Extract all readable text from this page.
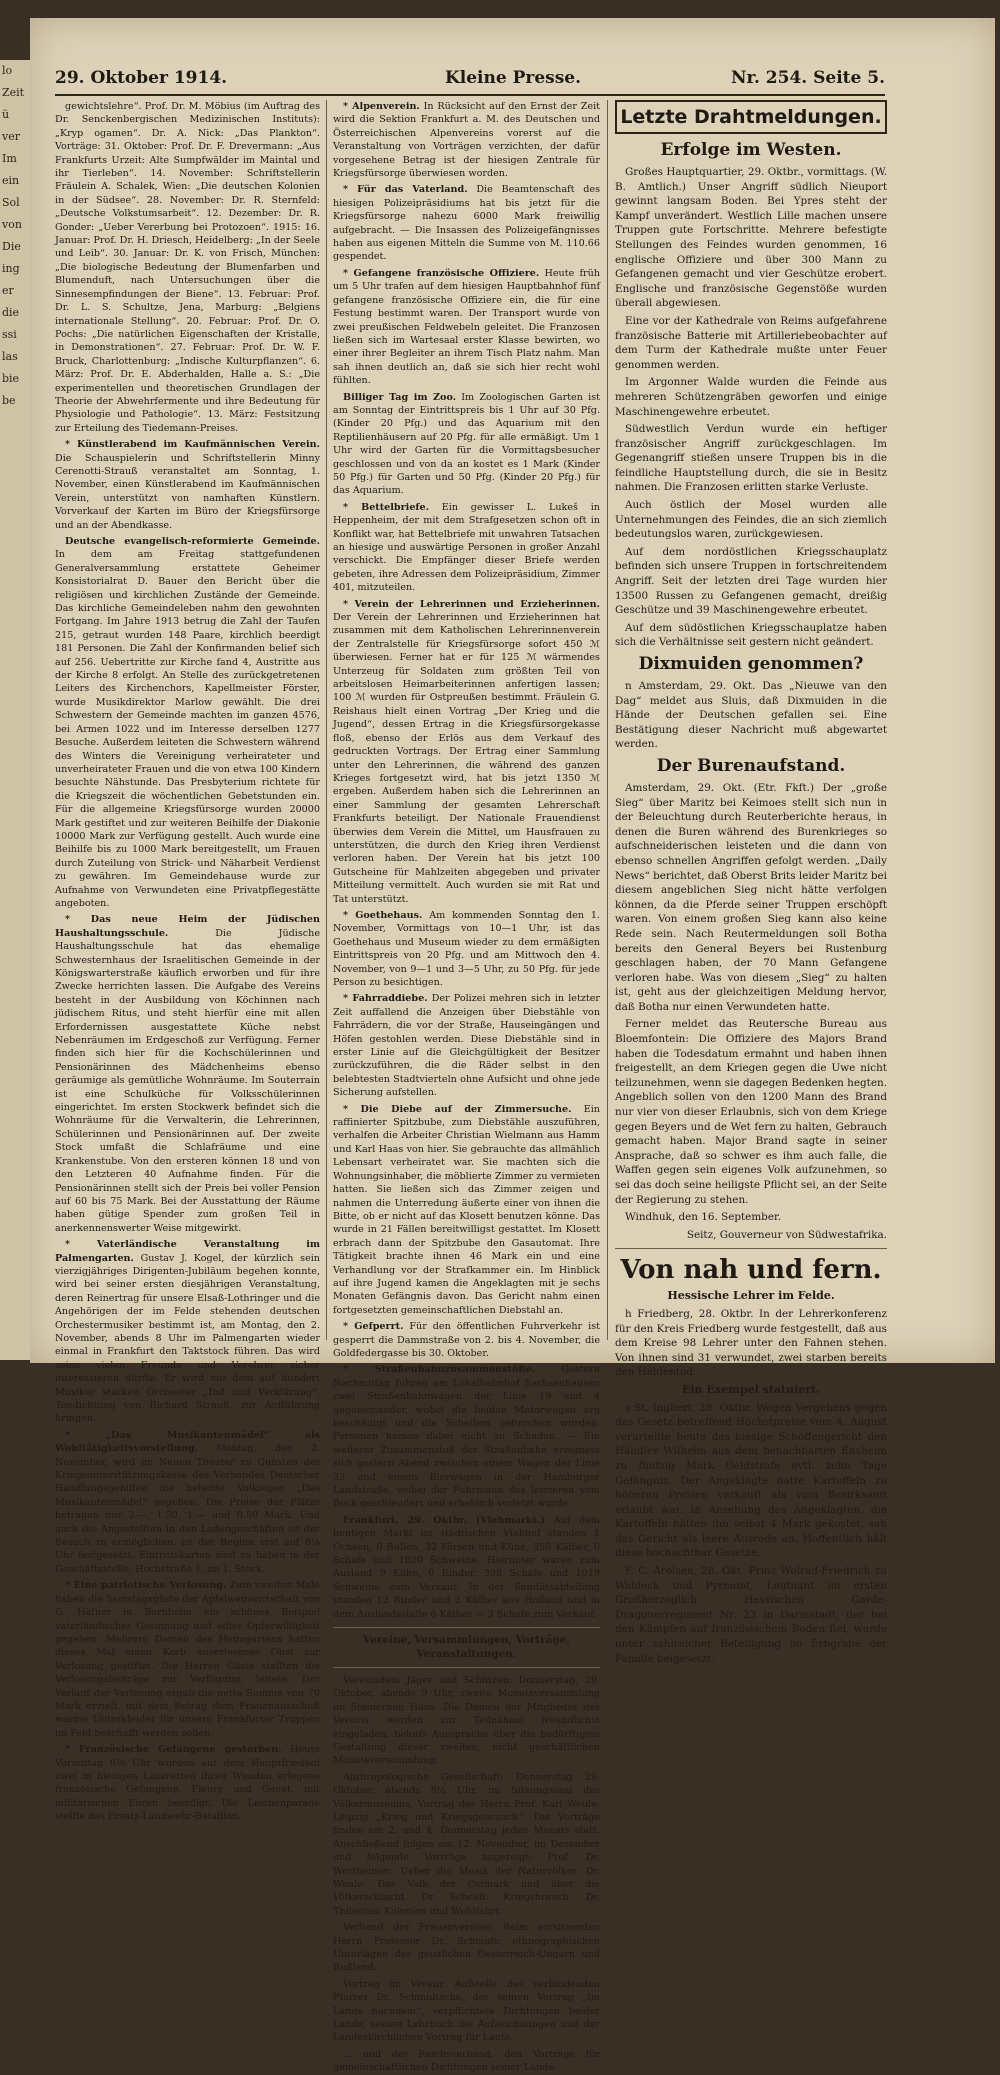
lo
Zeit
ü
ver
Im
ein
Sol
von
Die
ing
er
die
ssi
las
bie
be
29. Oktober 1914.	Kleine Presse.	Nr. 254. Seite 5.

gewichtslehre“. Prof. Dr. M. Möbius (im Auftrag des Dr. Senckenbergischen Medizinischen Instituts): „Kryp ogamen“. Dr. A. Nick: „Das Plankton“. Vorträge: 31. Oktober: Prof. Dr. F. Drevermann: „Aus Frankfurts Urzeit: Alte Sumpfwälder im Maintal und ihr Tierleben“. 14. November: Schriftstellerin Fräulein A. Schalek, Wien: „Die deutschen Kolonien in der Südsee“. 28. November: Dr. R. Sternfeld: „Deutsche Volkstumsarbeit“. 12. Dezember: Dr. R. Gonder: „Ueber Vererbung bei Protozoen“. 1915: 16. Januar: Prof. Dr. H. Driesch, Heidelberg: „In der Seele und Leib“. 30. Januar: Dr. K. von Frisch, München: „Die biologische Bedeutung der Blumenfarben und Blumenduft, nach Untersuchungen über die Sinnesempfindungen der Biene“. 13. Februar: Prof. Dr. L. S. Schultze, Jena, Marburg: „Belgiens internationale Stellung“. 20. Februar: Prof. Dr. O. Pochs: „Die natürlichen Eigenschaften der Kristalle, in Demonstrationen“. 27. Februar: Prof. Dr. W. F. Bruck, Charlottenburg: „Indische Kulturpflanzen“. 6. März: Prof. Dr. E. Abderhalden, Halle a. S.: „Die experimentellen und theoretischen Grundlagen der Theorie der Abwehrfermente und ihre Bedeutung für Physiologie und Pathologie“. 13. März: Festsitzung zur Erteilung des Tiedemann-Preises.

* Künstlerabend im Kaufmännischen Verein. Die Schauspielerin und Schriftstellerin Minny Cerenotti-Strauß veranstaltet am Sonntag, 1. November, einen Künstlerabend im Kaufmännischen Verein, unterstützt von namhaften Künstlern. Vorverkauf der Karten im Büro der Kriegsfürsorge und an der Abendkasse.

Deutsche evangelisch-reformierte Gemeinde. In dem am Freitag stattgefundenen Generalversammlung erstattete Geheimer Konsistorialrat D. Bauer den Bericht über die religiösen und kirchlichen Zustände der Gemeinde. Das kirchliche Gemeindeleben nahm den gewohnten Fortgang. Im Jahre 1913 betrug die Zahl der Taufen 215, getraut wurden 148 Paare, kirchlich beerdigt 181 Personen. Die Zahl der Konfirmanden belief sich auf 256. Uebertritte zur Kirche fand 4, Austritte aus der Kirche 8 erfolgt. An Stelle des zurückgetretenen Leiters des Kirchenchors, Kapellmeister Förster, wurde Musikdirektor Marlow gewählt. Die drei Schwestern der Gemeinde machten im ganzen 4576, bei Armen 1022 und im Interesse derselben 1277 Besuche. Außerdem leiteten die Schwestern während des Winters die Vereinigung verheirateter und unverheirateter Frauen und die von etwa 100 Kindern besuchte Nähstunde. Das Presbyterium richtete für die Kriegszeit die wöchentlichen Gebetstunden ein. Für die allgemeine Kriegsfürsorge wurden 20000 Mark gestiftet und zur weiteren Beihilfe der Diakonie 10000 Mark zur Verfügung gestellt. Auch wurde eine Beihilfe bis zu 1000 Mark bereitgestellt, um Frauen durch Zuteilung von Strick- und Näharbeit Verdienst zu gewähren. Im Gemeindehause wurde zur Aufnahme von Verwundeten eine Privatpflegestätte angeboten.

* Das neue Heim der Jüdischen Haushaltungsschule.	Die Jüdische Haushaltungsschule hat das ehemalige Schwesternhaus der Israelitischen Gemeinde in der Königswarterstraße käuflich erworben und für ihre Zwecke herrichten lassen. Die Aufgabe des Vereins besteht in der Ausbildung von Köchinnen nach jüdischem Ritus, und steht hierfür eine mit allen Erfordernissen ausgestattete Küche nebst Nebenräumen im Erdgeschoß zur Verfügung. Ferner finden sich hier für die Kochschülerinnen und Pensionärinnen des Mädchenheims ebenso geräumige als gemütliche Wohnräume. Im Souterrain ist eine Schulküche für Volksschülerinnen eingerichtet. Im ersten Stockwerk befindet sich die Wohnräume für die Verwalterin, die Lehrerinnen, Schülerinnen und Pensionärinnen auf. Der zweite Stock umfaßt die Schlafräume und eine Krankenstube. Von den ersteren können 18 und von den Letzteren 40 Aufnahme finden. Für die Pensionärinnen stellt sich der Preis bei voller Pension auf 60 bis 75 Mark. Bei der Ausstattung der Räume haben gütige Spender zum großen Teil in anerkennenswerter Weise mitgewirkt.

* Vaterländische Veranstaltung im Palmengarten. Gustav J. Kogel, der kürzlich sein vierzigjähriges Dirigenten-Jubiläum begehen konnte, wird bei seiner ersten diesjährigen Veranstaltung, deren Reinertrag für unsere Elsaß-Lothringer und die Angehörigen der im Felde stehenden deutschen Orchestermusiker bestimmt ist, am Montag, den 2. November, abends 8 Uhr im Palmengarten wieder einmal in Frankfurt den Taktstock führen. Das wird seine vielen Freunde und Verehrer sicher interessieren dürfte. Er wird mit dem auf hundert Musiker starken Orchester „Tod und Verklärung“, Tondichtung von Richard Strauß, zur Aufführung bringen.

* „Das Musikantenmädel“ als Wohltätigkeitsvorstellung. Montag, den 2. November, wird im Neuen Theater zu Gunsten der Kriegsunterstützungskasse des Verbandes Deutscher Handlungsgehilfen die beliebte Volksoper „Das Musikantenmädel“ gegeben. Die Preise der Plätze betragen nur 2.—, 1.50, 1.— und 0.50 Mark. Und auch die Angestellten in den Ladengeschäften ist der Besuch zu ermöglichen, ist der Beginn erst auf 8¼ Uhr festgesetzt. Eintrittskarten sind zu haben in der Geschäftsstelle, Hochstraße 1, im 1. Stock.

* Eine patriotische Verlosung. Zum zweiten Male haben die Samstagsgäste der Apfelweinwirtschaft von G. Häfner in Bornheim ein schönes Beispiel vaterländischer Gesinnung und edler Opferwilligkeit gegeben. Mehrere Damen des Heimgartens hatten dieses Mal einen Korb auserlesenes Obst zur Verlosung gestiftet. Die Herren Gäste stellten die Verlosungsbeiträge zur Verfügung, leitete. Der Verlauf der Verlosung ergab die nette Summe von 70 Mark erzielt, mit dem Betrag dem Frauenausschuß warme Unterkleider für unsere Frankfurter Truppen im Feld beschafft werden sollen.

* Französische Gefangene gestorben. Heute Vormittag 8½ Uhr wurden auf dem Hauptfriedhof zwei in hiesigen Lazaretten ihren Wunden erlegene französische Gefangene, Fleury und Gouet, mit militärischen Ehren beerdigt. Die Leichenparade stellte das Ersatz-Landwehr-Bataillon.

* Alpenverein. In Rücksicht auf den Ernst der Zeit wird die Sektion Frankfurt a. M. des Deutschen und Österreichischen Alpenvereins vorerst auf die Veranstaltung von Vorträgen verzichten, der dafür vorgesehene Betrag ist der hiesigen Zentrale für Kriegsfürsorge überwiesen worden.

* Für das Vaterland. Die Beamtenschaft des hiesigen Polizeipräsidiums hat bis jetzt für die Kriegsfürsorge nahezu 6000 Mark freiwillig aufgebracht. — Die Insassen des Polizeigefängnisses haben aus eigenen Mitteln die Summe von M. 110.66 gespendet.

* Gefangene französische Offiziere. Heute früh um 5 Uhr trafen auf dem hiesigen Hauptbahnhof fünf gefangene französische Offiziere ein, die für eine Festung bestimmt waren. Der Transport wurde von zwei preußischen Feldwebeln geleitet. Die Franzosen ließen sich im Wartesaal erster Klasse bewirten, wo einer ihrer Begleiter an ihrem Tisch Platz nahm. Man sah ihnen deutlich an, daß sie sich hier recht wohl fühlten.

Billiger Tag im Zoo. Im Zoologischen Garten ist am Sonntag der Eintrittspreis bis 1 Uhr auf 30 Pfg. (Kinder 20 Pfg.) und das Aquarium mit den Reptilienhäusern auf 20 Pfg. für alle ermäßigt. Um 1 Uhr wird der Garten für die Vormittagsbesucher geschlossen und von da an kostet es 1 Mark (Kinder 50 Pfg.) für Garten und 50 Pfg. (Kinder 20 Pfg.) für das Aquarium.

* Bettelbriefe. Ein gewisser L. Lukeš in Heppenheim, der mit dem Strafgesetzen schon oft in Konflikt war, hat Bettelbriefe mit unwahren Tatsachen an hiesige und auswärtige Personen in großer Anzahl verschickt. Die Empfänger dieser Briefe werden gebeten, ihre Adressen dem Polizeipräsidium, Zimmer 401, mitzuteilen.

* Verein der Lehrerinnen und Erzieherinnen. Der Verein der Lehrerinnen und Erzieherinnen hat zusammen mit dem Katholischen Lehrerinnenverein der Zentralstelle für Kriegsfürsorge sofort 450 ℳ überwiesen. Ferner hat er für 125 ℳ wärmendes Unterzeug für Soldaten zum größten Teil von arbeitslosen Heimarbeiterinnen anfertigen lassen; 100 ℳ wurden für Ostpreußen bestimmt. Fräulein G. Reishaus hielt einen Vortrag „Der Krieg und die Jugend“, dessen Ertrag in die Kriegsfürsorgekasse floß, ebenso der Erlös aus dem Verkauf des gedruckten Vortrags. Der Ertrag einer Sammlung unter den Lehrerinnen, die während des ganzen Krieges fortgesetzt wird, hat bis jetzt 1350 ℳ ergeben. Außerdem haben sich die Lehrerinnen an einer Sammlung der gesamten Lehrerschaft Frankfurts beteiligt. Der Nationale Frauendienst überwies dem Verein die Mittel, um Hausfrauen zu unterstützen, die durch den Krieg ihren Verdienst verloren haben. Der Verein hat bis jetzt 100 Gutscheine für Mahlzeiten abgegeben und privater Mitteilung vermittelt. Auch wurden sie mit Rat und Tat unterstützt.

* Goethehaus. Am kommenden Sonntag den 1. November, Vormittags von 10—1 Uhr, ist das Goethehaus und Museum wieder zu dem ermäßigten Eintrittspreis von 20 Pfg. und am Mittwoch den 4. November, von 9—1 und 3—5 Uhr, zu 50 Pfg. für jede Person zu besichtigen.

* Fahrraddiebe. Der Polizei mehren sich in letzter Zeit auffallend die Anzeigen über Diebstähle von Fahrrädern, die vor der Straße, Hauseingängen und Höfen gestohlen werden. Diese Diebstähle sind in erster Linie auf die Gleichgültigkeit der Besitzer zurückzuführen, die die Räder selbst in den belebtesten Stadtvierteln ohne Aufsicht und ohne jede Sicherung aufstellen.

* Die Diebe auf der Zimmersuche. Ein raffinierter Spitzbube, zum Diebstähle auszuführen, verhalfen die Arbeiter Christian Wielmann aus Hamm und Karl Haas von hier. Sie gebrauchte das allmählich Lebensart verheiratet war. Sie machten sich die Wohnungsinhaber, die möblierte Zimmer zu vermieten hatten. Sie ließen sich das Zimmer zeigen und nahmen die Unterredung äußerte einer von ihnen die Bitte, ob er nicht auf das Klosett benutzen könne. Das wurde in 21 Fällen bereitwilligst gestattet. Im Klosett erbrach dann der Spitzbube den Gasautomat. Ihre Tätigkeit brachte ihnen 46 Mark ein und eine Verhandlung vor der Strafkammer ein. Im Hinblick auf ihre Jugend kamen die Angeklagten mit je sechs Monaten Gefängnis davon. Das Gericht nahm einen fortgesetzten gemeinschaftlichen Diebstahl an.

* Gefperrt. Für den öffentlichen Fuhrverkehr ist gesperrt die Dammstraße von 2. bis 4. November, die Goldfedergasse bis 30. Oktober.

* Straßenbahnzusammenstöße.	Gestern Nachmittag fuhren am Lokalbahnhof Sachsenhausen zwei Straßenbahnwagen der Linie 19 und 4 gegeneinander, wobei die beiden Motorwagen arg beschädigt und die Scheiben gebrochen wurden. Personen kamen dabei nicht zu Schaden. — Ein weiterer Zusammenstoß der Straßenbahn ereignete sich gestern Abend zwischen einem Wagen der Linie 33 und einem Bierwagen in der Hamburger Landstraße, wobei der Fuhrmann des letzteren vom Bock geschleudert und erheblich verletzt wurde.

Frankfurt, 29. Oktbr. (Viehmarkt.) Auf dem heutigen Markt im städtischen Viehhof standen 1 Ochsen, 0 Bullen, 32 Färsen und Kühe, 356 Kälber, 0 Schafe und 1020 Schweine. Hierunter waren zum Ausland 9 Kühe, 0 Rinder, 398 Schafe und 1019 Schweine zum Verkauf. In der Sanitätsabteilung standen 12 Rinder und 2 Kälber aus Holland und in dem Auslandsstalle 6 Kälber — 3 Schafe zum Verkauf.

Vereine, Versammlungen, Vorträge, Veranstaltungen.

Vereinsdem Jäger und Schützen: Donnerstag, 29. Oktober, abends 9 Uhr, zweite Monatsversammlung im Steinernen Haus. Die Damen der Mitglieder des Vereins werden zur Teilnahme freundlichst eingeladen, behufs Aussprache über die bedürftigste Gestaltung dieser zweiten, nicht geschäftlichen Monatsversammlung.

Anthropologische Gesellschaft: Donnerstag 29. Oktober, abends 8½ Uhr, im Sitzungssaal des Völkermuseums, Vortrag des Herrn Prof. Karl Weule-Leipzig „Krieg und Kriegsgebrauch“. Die Vorträge finden am 2. und 4. Donnerstag jeden Monats statt. Anschließend folgen am 12. November, im Dezember und folgende Vorträge angezeigt: Prof. Dr. Wertheimer: Ueber die Musik der Naturvölker. Dr. Weule: Das Volk der Ostmark und über die Völkerschlacht. Dr. Scheidt: Kriegsbrauch. Dr. Thilenius: Kolonien und Wohlfahrt.

Verband der Frauenvereine: Beim vorsitzenden Herrn Professor Dr. Schmidt: ethnographischen Unterlagen des geistlichen Oesterreich-Ungarn und Rußland.

Vortrag im Verein: Aufstelle des verbindenden Pfarrer Dr. Schmidtsche, der seinen Vortrag „Im Lande nachdem“, verpflichtete Dichtungen beider Lande, seinen Lehrbuch die Aufzeichnungen und der Landeskirchlichen Vortrag für Laute.

... und der Reichsverband, den Vorträge für gemeinschaftlichen Dichtungen seiner Lande.

Letzte Drahtmeldungen.
Erfolge im Westen.

Großes Hauptquartier, 29. Oktbr., vormittags. (W. B. Amtlich.) Unser Angriff südlich Nieuport gewinnt langsam Boden. Bei Ypres steht der Kampf unverändert. Westlich Lille machen unsere Truppen gute Fortschritte. Mehrere befestigte Stellungen des Feindes wurden genommen, 16 englische Offiziere und über 300 Mann zu Gefangenen gemacht und vier Geschütze erobert. Englische und französische Gegenstöße wurden überall abgewiesen.

Eine vor der Kathedrale von Reims aufgefahrene französische Batterie mit Artilleriebeobachter auf dem Turm der Kathedrale mußte unter Feuer genommen werden.

Im Argonner Walde wurden die Feinde aus mehreren Schützengräben geworfen und einige Maschinengewehre erbeutet.

Südwestlich Verdun wurde ein heftiger französischer Angriff zurückgeschlagen. Im Gegenangriff stießen unsere Truppen bis in die feindliche Hauptstellung durch, die sie in Besitz nahmen. Die Franzosen erlitten starke Verluste.

Auch östlich der Mosel wurden alle Unternehmungen des Feindes, die an sich ziemlich bedeutungslos waren, zurückgewiesen.

Auf dem nordöstlichen Kriegsschauplatz befinden sich unsere Truppen in fortschreitendem Angriff. Seit der letzten drei Tage wurden hier 13500 Russen zu Gefangenen gemacht, dreißig Geschütze und 39 Maschinengewehre erbeutet.

Auf dem südöstlichen Kriegsschauplatze haben sich die Verhältnisse seit gestern nicht geändert.

Dixmuiden genommen?

n Amsterdam, 29. Okt. Das „Nieuwe van den Dag“ meldet aus Sluis, daß Dixmuiden in die Hände der Deutschen gefallen sei. Eine Bestätigung dieser Nachricht muß abgewartet werden.

Der Burenaufstand.

Amsterdam, 29. Okt. (Etr. Fkft.) Der „große Sieg“ über Maritz bei Keimoes stellt sich nun in der Beleuchtung durch Reuterberichte heraus, in denen die Buren während des Burenkrieges so aufschneiderischen leisteten und die dann von ebenso schnellen Angriffen gefolgt werden. „Daily News“ berichtet, daß Oberst Brits leider Maritz bei diesem angeblichen Sieg nicht hätte verfolgen können, da die Pferde seiner Truppen erschöpft waren. Von einem großen Sieg kann also keine Rede sein. Nach Reutermeldungen soll Botha bereits den General Beyers bei Rustenburg geschlagen haben, der 70 Mann Gefangene verloren habe. Was von diesem „Sieg“ zu halten ist, geht aus der gleichzeitigen Meldung hervor, daß Botha nur einen Verwundeten hatte.

Ferner meldet das Reutersche Bureau aus Bloemfontein: Die Offiziere des Majors Brand haben die Todesdatum ermahnt und haben ihnen freigestellt, an dem Kriegen gegen die Uwe nicht teilzunehmen, wenn sie dagegen Bedenken hegten. Angeblich sollen von den 1200 Mann des Brand nur vier von dieser Erlaubnis, sich von dem Kriege gegen Beyers und de Wet fern zu halten, Gebrauch gemacht haben. Major Brand sagte in seiner Ansprache, daß so schwer es ihm auch falle, die Waffen gegen sein eigenes Volk aufzunehmen, so sei das doch seine heiligste Pflicht sei, an der Seite der Regierung zu stehen.

Windhuk, den 16. September.

Seitz, Gouverneur von Südwestafrika.
Von nah und fern.
Hessische Lehrer im Felde.

h Friedberg, 28. Oktbr. In der Lehrerkonferenz für den Kreis Friedberg wurde festgestellt, daß aus dem Kreise 98 Lehrer unter den Fahnen stehen. Von ihnen sind 31 verwundet, zwei starben bereits den Heldentod.

Ein Exempel statuiert.

s St. Ingbert, 28. Oktbr. Wegen Vergehens gegen das Gesetz betreffend Höchstpreise vom 4. August verurteilte heute das hiesige Schöffengericht den Händler Wilhelm aus dem benachbarten Ensheim zu fünfzig Mark Geldstrafe evtl. zehn Tage Gefängnis. Der Angeklagte hatte Kartoffeln zu höheren Preisen verkauft als vom Bezirksamt erlaubt war. In Ansehung des Angeklagten, die Kartoffeln hätten ihn selbst 4 Mark gekostet, sah das Gericht als leere Ausrede an. Hoffentlich hält diese hochachtbar Gesetze.

F. C. Arolsen, 28. Okt. Prinz Wolrad-Friedrich zu Waldeck und Pyrmont, Leutnant im ersten Großherzoglich Hessischen Garde-Dragonerregiment Nr. 23 in Darmstadt, der bei den Kämpfen auf französischem Boden fiel, wurde unter zahlreicher Beteiligung im Erbgrabe der Familie beigesetzt.
